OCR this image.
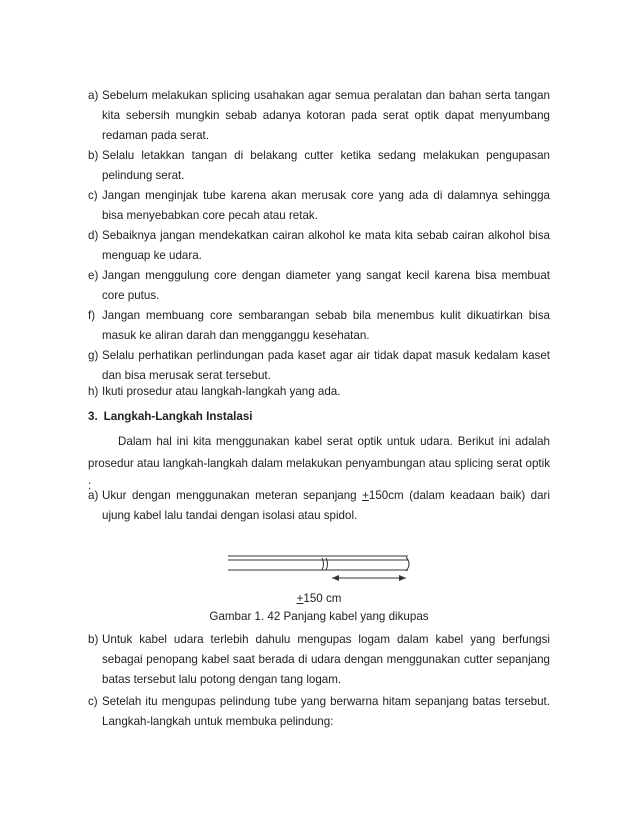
a) Sebelum melakukan splicing usahakan agar semua peralatan dan bahan serta tangan kita sebersih mungkin sebab adanya kotoran pada serat optik dapat menyumbang redaman pada serat.
b) Selalu letakkan tangan di belakang cutter ketika sedang melakukan pengupasan pelindung serat.
c) Jangan menginjak tube karena akan merusak core yang ada di dalamnya sehingga bisa menyebabkan core pecah atau retak.
d) Sebaiknya jangan mendekatkan cairan alkohol ke mata kita sebab cairan alkohol bisa menguap ke udara.
e) Jangan menggulung core dengan diameter yang sangat kecil karena bisa membuat core putus.
f) Jangan membuang core sembarangan sebab bila menembus kulit dikuatirkan bisa masuk ke aliran darah dan mengganggu kesehatan.
g) Selalu perhatikan perlindungan pada kaset agar air tidak dapat masuk kedalam kaset dan bisa merusak serat tersebut.
h) Ikuti prosedur atau langkah-langkah yang ada.
3. Langkah-Langkah Instalasi
Dalam hal ini kita menggunakan kabel serat optik untuk udara. Berikut ini adalah prosedur atau langkah-langkah dalam melakukan penyambungan atau splicing serat optik :
a) Ukur dengan menggunakan meteran sepanjang +150cm (dalam keadaan baik) dari ujung kabel lalu tandai dengan isolasi atau spidol.
+150 cm
Gambar 1. 42 Panjang kabel yang dikupas
b) Untuk kabel udara terlebih dahulu mengupas logam dalam kabel yang berfungsi sebagai penopang kabel saat berada di udara dengan menggunakan cutter sepanjang batas tersebut lalu potong dengan tang logam.
c) Setelah itu mengupas pelindung tube yang berwarna hitam sepanjang batas tersebut. Langkah-langkah untuk membuka pelindung:
